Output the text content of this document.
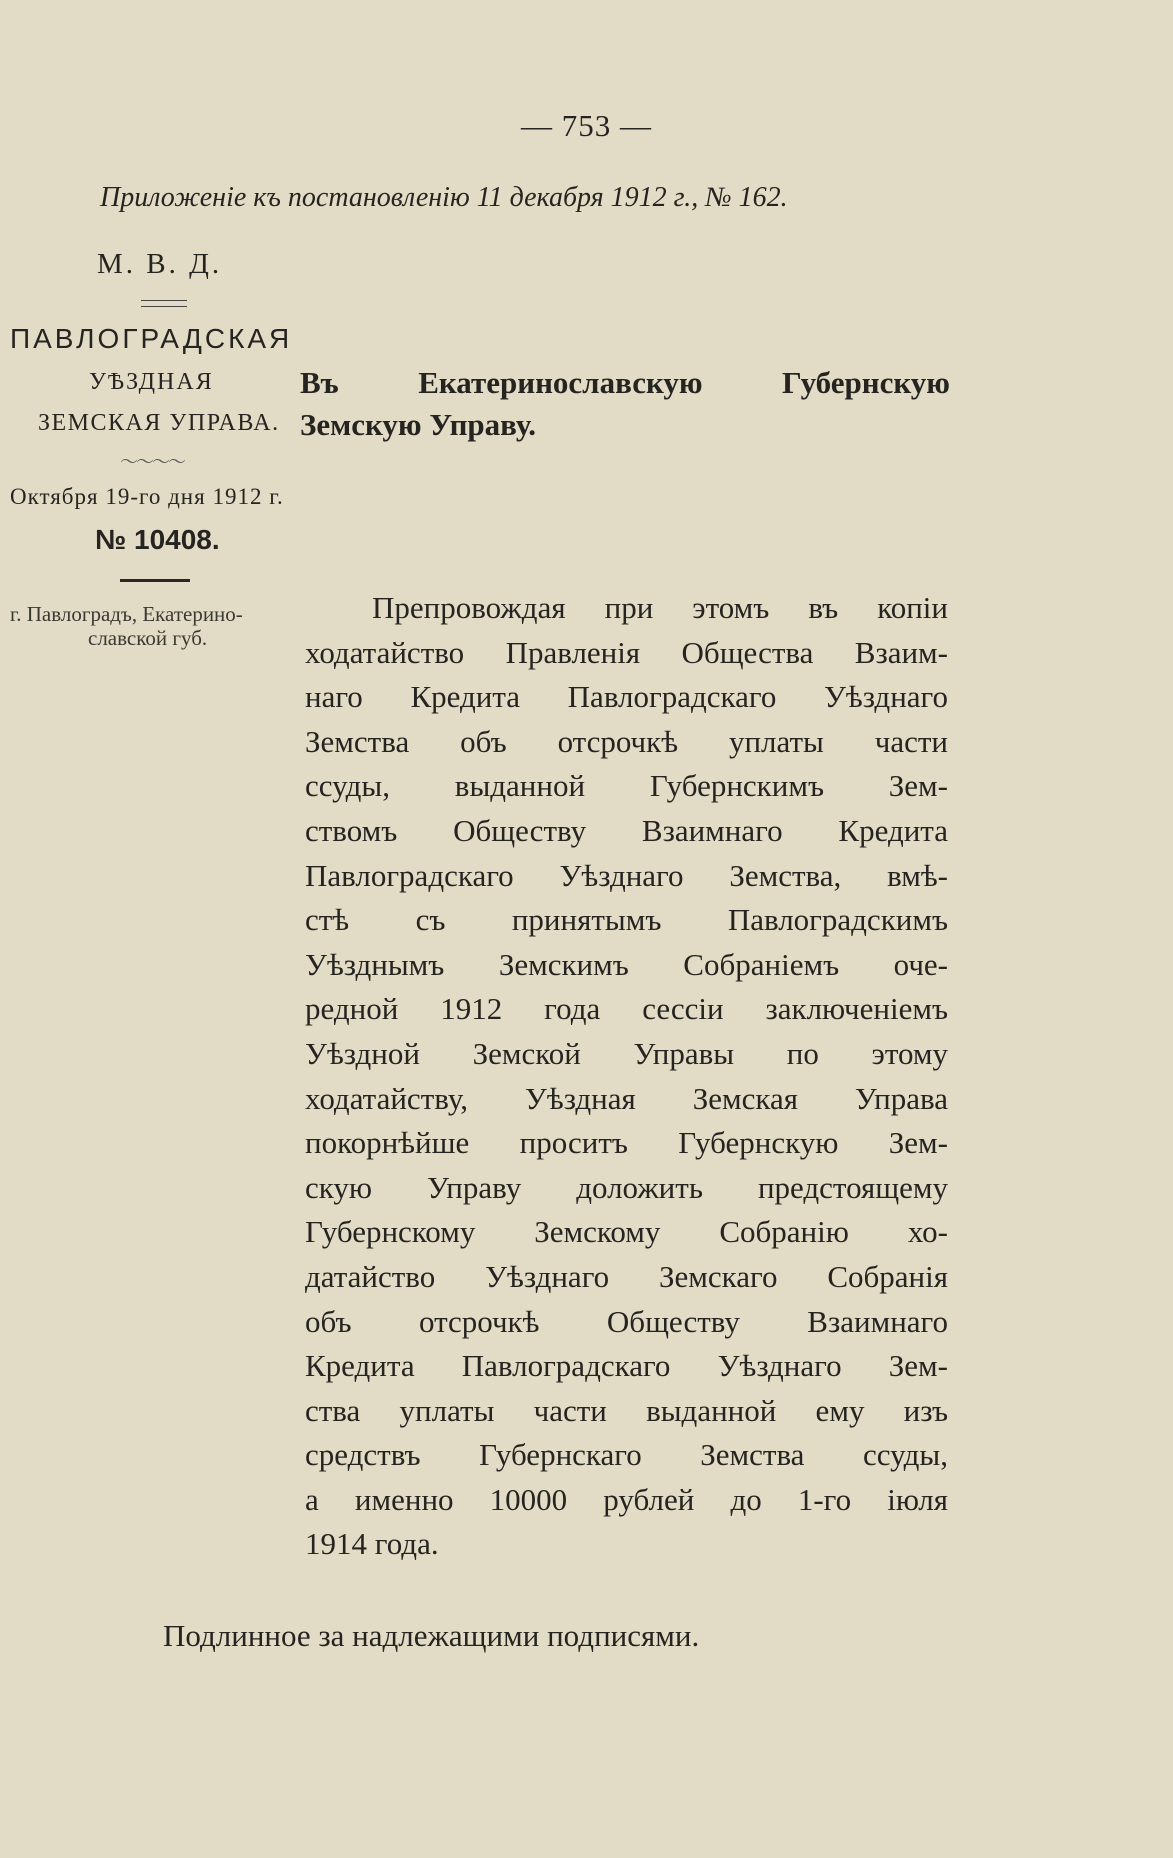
— 753 —
Приложеніе къ постановленію 11 декабря 1912 г., № 162.
М. В. Д.
ПАВЛОГРАДСКАЯ
УѢЗДНАЯ
ЗЕМСКАЯ УПРАВА.
〜〜〜〜
Октября 19-го дня 1912 г.
№ 10408.
г. Павлоградъ, Екатерино-
славской губ.
Въ Екатеринославскую Губернскую
Земскую Управу.
Препровождая при этомъ въ копіи
ходатайство Правленія Общества Взаим-
наго Кредита Павлоградскаго Уѣзднаго
Земства объ отсрочкѣ уплаты части
ссуды, выданной Губернскимъ Зем-
ствомъ Обществу Взаимнаго Кредита
Павлоградскаго Уѣзднаго Земства, вмѣ-
стѣ съ принятымъ Павлоградскимъ
Уѣзднымъ Земскимъ Собраніемъ оче-
редной 1912 года сессіи заключеніемъ
Уѣздной Земской Управы по этому
ходатайству, Уѣздная Земская Управа
покорнѣйше проситъ Губернскую Зем-
скую Управу доложить предстоящему
Губернскому Земскому Собранію хо-
датайство Уѣзднаго Земскаго Собранія
объ отсрочкѣ Обществу Взаимнаго
Кредита Павлоградскаго Уѣзднаго Зем-
ства уплаты части выданной ему изъ
средствъ Губернскаго Земства ссуды,
а именно 10000 рублей до 1-го іюля
1914 года.
Подлинное за надлежащими подписями.
